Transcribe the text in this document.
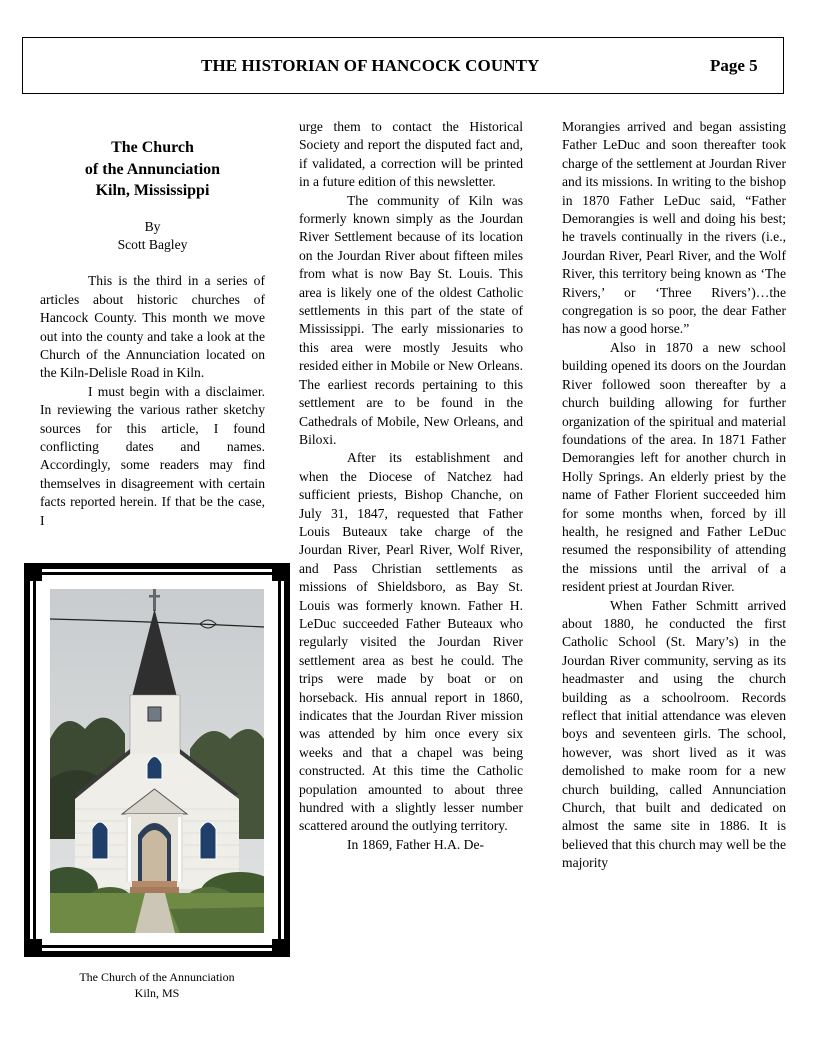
THE HISTORIAN OF HANCOCK COUNTY	Page 5
The Church
of the Annunciation
Kiln, Mississippi
By
Scott Bagley

This is the third in a series of articles about historic churches of Hancock County. This month we move out into the county and take a look at the Church of the Annunciation located on the Kiln-Delisle Road in Kiln.

I must begin with a disclaimer. In reviewing the various rather sketchy sources for this article, I found conflicting dates and names. Accordingly, some readers may find themselves in disagreement with certain facts reported herein. If that be the case, I

The Church of the Annunciation
Kiln, MS

urge them to contact the Historical Society and report the disputed fact and, if validated, a correction will be printed in a future edition of this newsletter.

The community of Kiln was formerly known simply as the Jourdan River Settlement because of its location on the Jourdan River about fifteen miles from what is now Bay St. Louis. This area is likely one of the oldest Catholic settlements in this part of the state of Mississippi. The early missionaries to this area were mostly Jesuits who resided either in Mobile or New Orleans. The earliest records pertaining to this settlement are to be found in the Cathedrals of Mobile, New Orleans, and Biloxi.

After its establishment and when the Diocese of Natchez had sufficient priests, Bishop Chanche, on July 31, 1847, requested that Father Louis Buteaux take charge of the Jourdan River, Pearl River, Wolf River, and Pass Christian settlements as missions of Shieldsboro, as Bay St. Louis was formerly known. Father H. LeDuc succeeded Father Buteaux who regularly visited the Jourdan River settlement area as best he could. The trips were made by boat or on horseback. His annual report in 1860, indicates that the Jourdan River mission was attended by him once every six weeks and that a chapel was being constructed. At this time the Catholic population amounted to about three hundred with a slightly lesser number scattered around the outlying territory.

In 1869, Father H.A. De-

Morangies arrived and began assisting Father LeDuc and soon thereafter took charge of the settlement at Jourdan River and its missions. In writing to the bishop in 1870 Father LeDuc said, “Father Demorangies is well and doing his best; he travels continually in the rivers (i.e., Jourdan River, Pearl River, and the Wolf River, this territory being known as ‘The Rivers,’ or ‘Three Rivers’)…the congregation is so poor, the dear Father has now a good horse.”

Also in 1870 a new school building opened its doors on the Jourdan River followed soon thereafter by a church building allowing for further organization of the spiritual and material foundations of the area. In 1871 Father Demorangies left for another church in Holly Springs. An elderly priest by the name of Father Florient succeeded him for some months when, forced by ill health, he resigned and Father LeDuc resumed the responsibility of attending the missions until the arrival of a resident priest at Jourdan River.

When Father Schmitt arrived about 1880, he conducted the first Catholic School (St. Mary’s) in the Jourdan River community, serving as its headmaster and using the church building as a schoolroom. Records reflect that initial attendance was eleven boys and seventeen girls. The school, however, was short lived as it was demolished to make room for a new church building, called Annunciation Church, that built and dedicated on almost the same site in 1886. It is believed that this church may well be the majority
